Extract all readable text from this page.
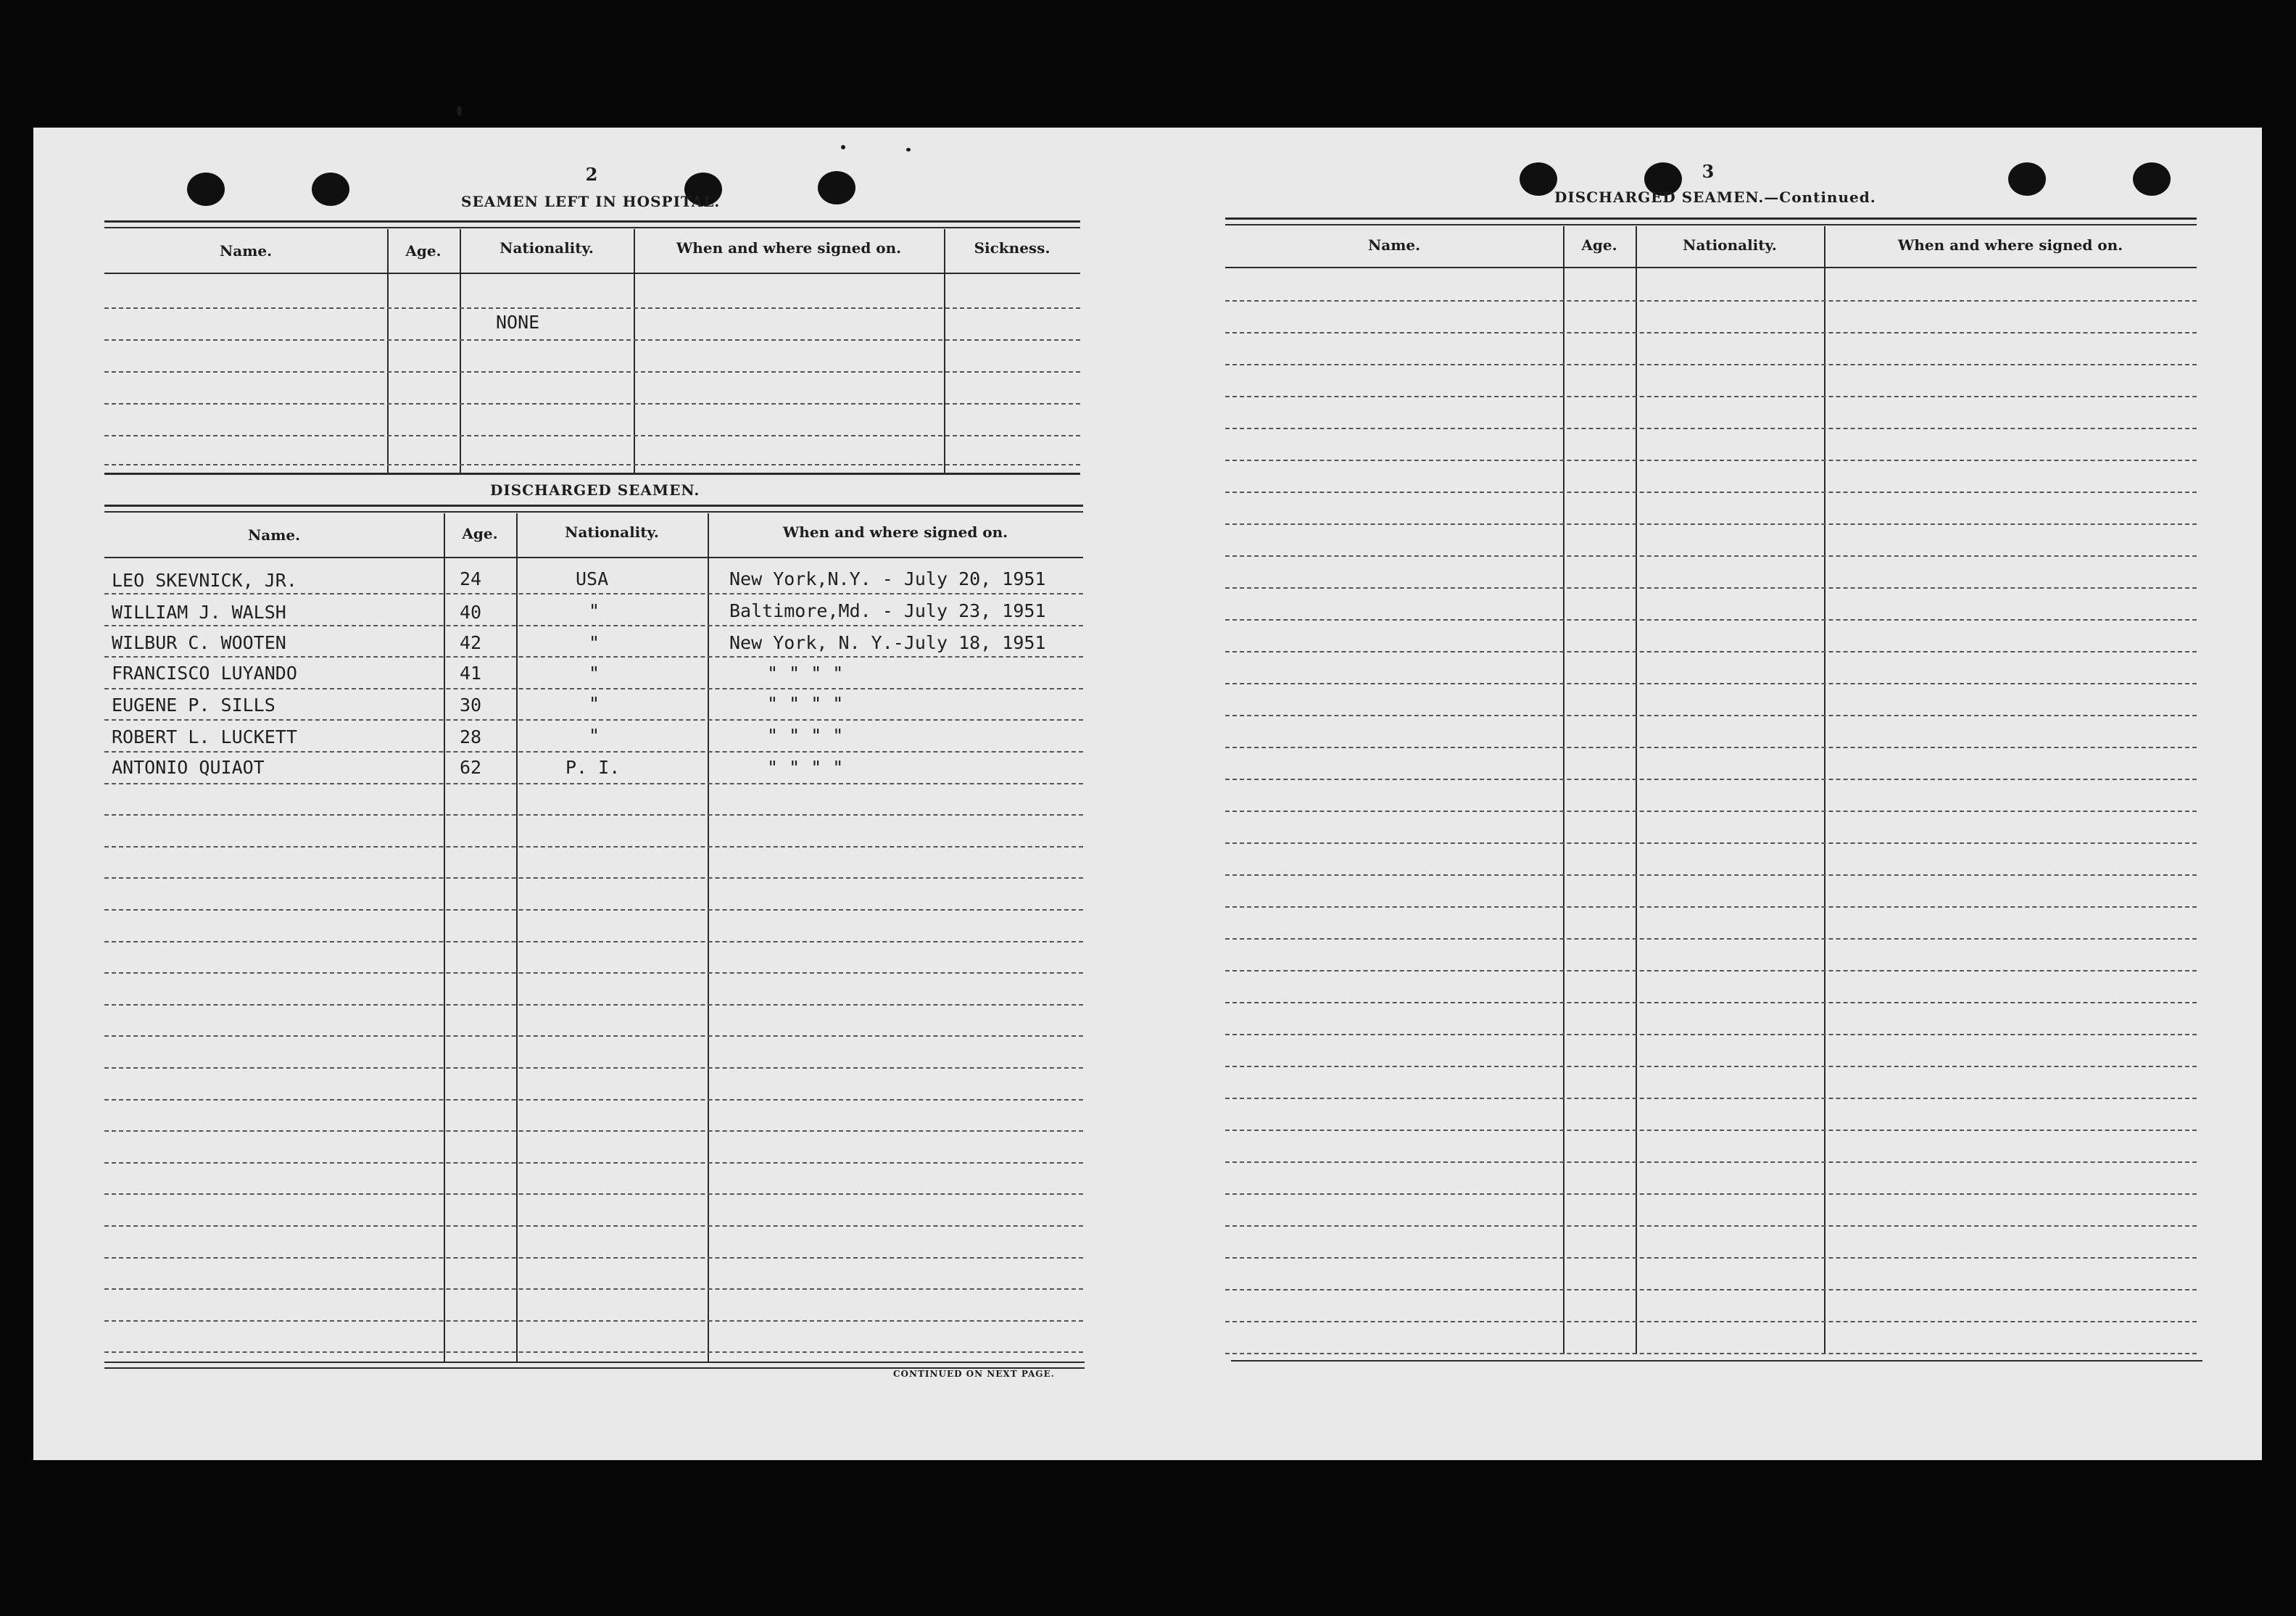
2
SEAMEN LEFT IN HOSPITAL.
Name.	Age.	Nationality.	When and where signed on.	Sickness.
NONE
DISCHARGED SEAMEN.
Name.	Age.	Nationality.	When and where signed on.
LEO SKEVNICK, JR.	24	USA	New York,N.Y. - July 20, 1951
WILLIAM J. WALSH	40	"	Baltimore,Md. - July 23, 1951
WILBUR C. WOOTEN	42	"	New York, N. Y.-July 18, 1951
FRANCISCO LUYANDO	41	"	" " " "
EUGENE P. SILLS	30	"	" " " "
ROBERT L. LUCKETT	28	"	" " " "
ANTONIO QUIAOT	62	P. I.	" " " "
CONTINUED ON NEXT PAGE.
3
DISCHARGED SEAMEN.—Continued.
Name.	Age.	Nationality.	When and where signed on.
